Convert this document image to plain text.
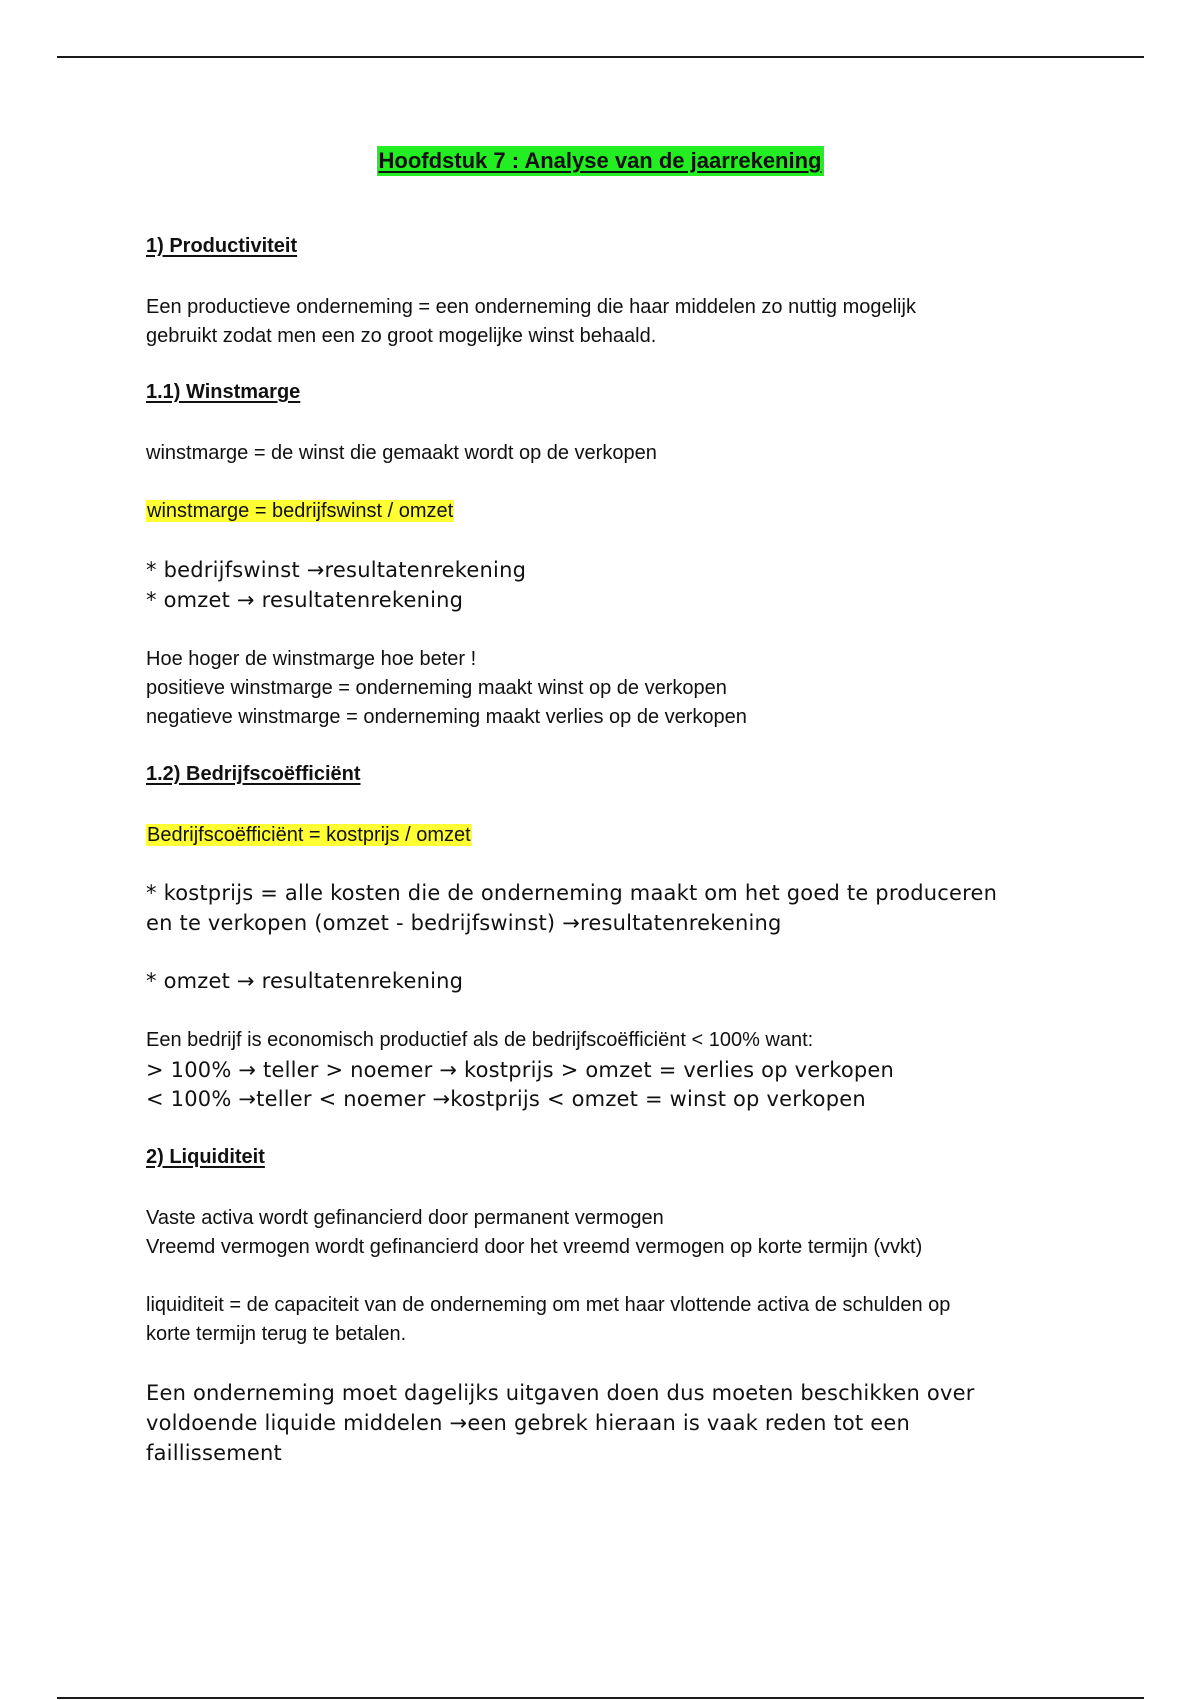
Hoofdstuk 7 : Analyse van de jaarrekening
1) Productiviteit
Een productieve onderneming = een onderneming die haar middelen zo nuttig mogelijk
gebruikt zodat men een zo groot mogelijke winst behaald.
1.1) Winstmarge
winstmarge = de winst die gemaakt wordt op de verkopen
winstmarge = bedrijfswinst / omzet
* bedrijfswinst →resultatenrekening
* omzet → resultatenrekening
Hoe hoger de winstmarge hoe beter !
positieve winstmarge = onderneming maakt winst op de verkopen
negatieve winstmarge = onderneming maakt verlies op de verkopen
1.2) Bedrijfscoëfficiënt
Bedrijfscoëfficiënt = kostprijs / omzet
* kostprijs = alle kosten die de onderneming maakt om het goed te produceren
en te verkopen (omzet - bedrijfswinst) →resultatenrekening
* omzet → resultatenrekening
Een bedrijf is economisch productief als de bedrijfscoëfficiënt < 100% want:
> 100% → teller > noemer → kostprijs > omzet = verlies op verkopen
< 100% →teller < noemer →kostprijs < omzet = winst op verkopen
2) Liquiditeit
Vaste activa wordt gefinancierd door permanent vermogen
Vreemd vermogen wordt gefinancierd door het vreemd vermogen op korte termijn (vvkt)
liquiditeit = de capaciteit van de onderneming om met haar vlottende activa de schulden op
korte termijn terug te betalen.
Een onderneming moet dagelijks uitgaven doen dus moeten beschikken over
voldoende liquide middelen →een gebrek hieraan is vaak reden tot een
faillissement
